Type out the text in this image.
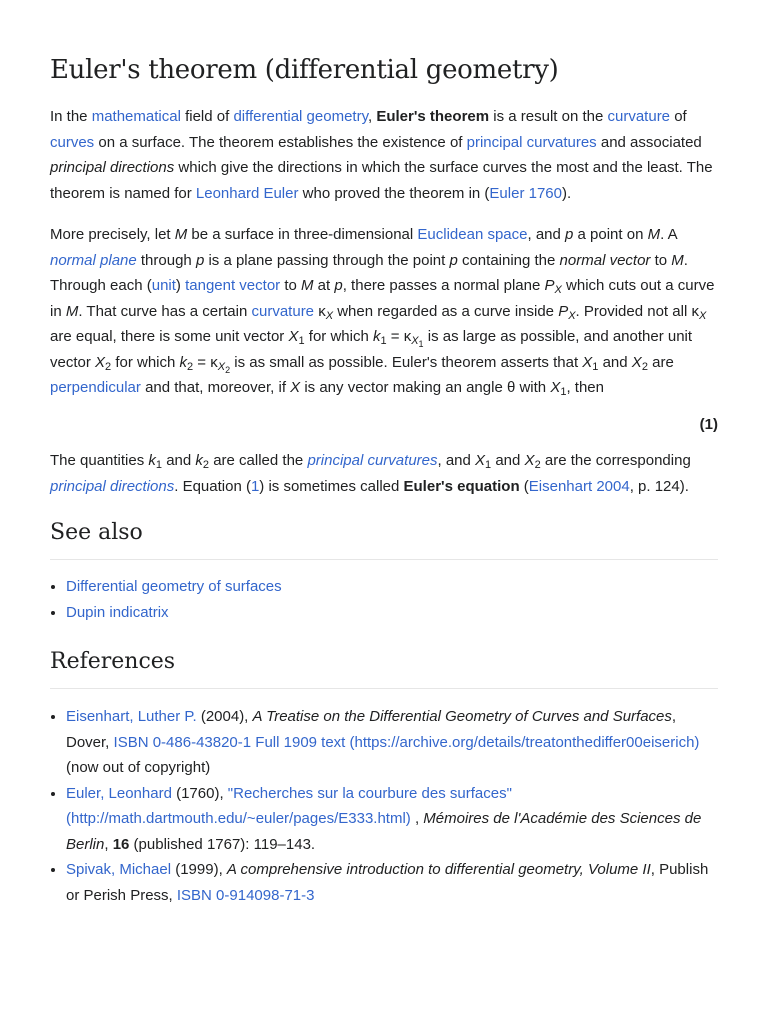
Euler's theorem (differential geometry)

In the mathematical field of differential geometry, Euler's theorem is a result on the curvature of curves on a surface. The theorem establishes the existence of principal curvatures and associated principal directions which give the directions in which the surface curves the most and the least. The theorem is named for Leonhard Euler who proved the theorem in (Euler 1760).

More precisely, let M be a surface in three-dimensional Euclidean space, and p a point on M. A normal plane through p is a plane passing through the point p containing the normal vector to M. Through each (unit) tangent vector to M at p, there passes a normal plane $P_X$ which cuts out a curve in M. That curve has a certain curvature $\kappa_X$ when regarded as a curve inside $P_X$. Provided not all $\kappa_X$ are equal, there is some unit vector $X_1$ for which $k_1 = \kappa_{X_1}$ is as large as possible, and another unit vector $X_2$ for which $k_2 = \kappa_{X_2}$ is as small as possible. Euler's theorem asserts that $X_1$ and $X_2$ are perpendicular and that, moreover, if X is any vector making an angle θ with $X_1$, then

(1)

The quantities $k_1$ and $k_2$ are called the principal curvatures, and $X_1$ and $X_2$ are the corresponding principal directions. Equation (1) is sometimes called Euler's equation (Eisenhart 2004, p. 124).

See also
• Differential geometry of surfaces
• Dupin indicatrix
References
• Eisenhart, Luther P. (2004), A Treatise on the Differential Geometry of Curves and Surfaces, Dover, ISBN 0-486-43820-1 Full 1909 text (https://archive.org/details/treatonthediffer00eiserich) (now out of copyright)
• Euler, Leonhard (1760), "Recherches sur la courbure des surfaces" (http://math.dartmouth.edu/~euler/pages/E333.html) , Mémoires de l'Académie des Sciences de Berlin, 16 (published 1767): 119–143.
• Spivak, Michael (1999), A comprehensive introduction to differential geometry, Volume II, Publish or Perish Press, ISBN 0-914098-71-3
